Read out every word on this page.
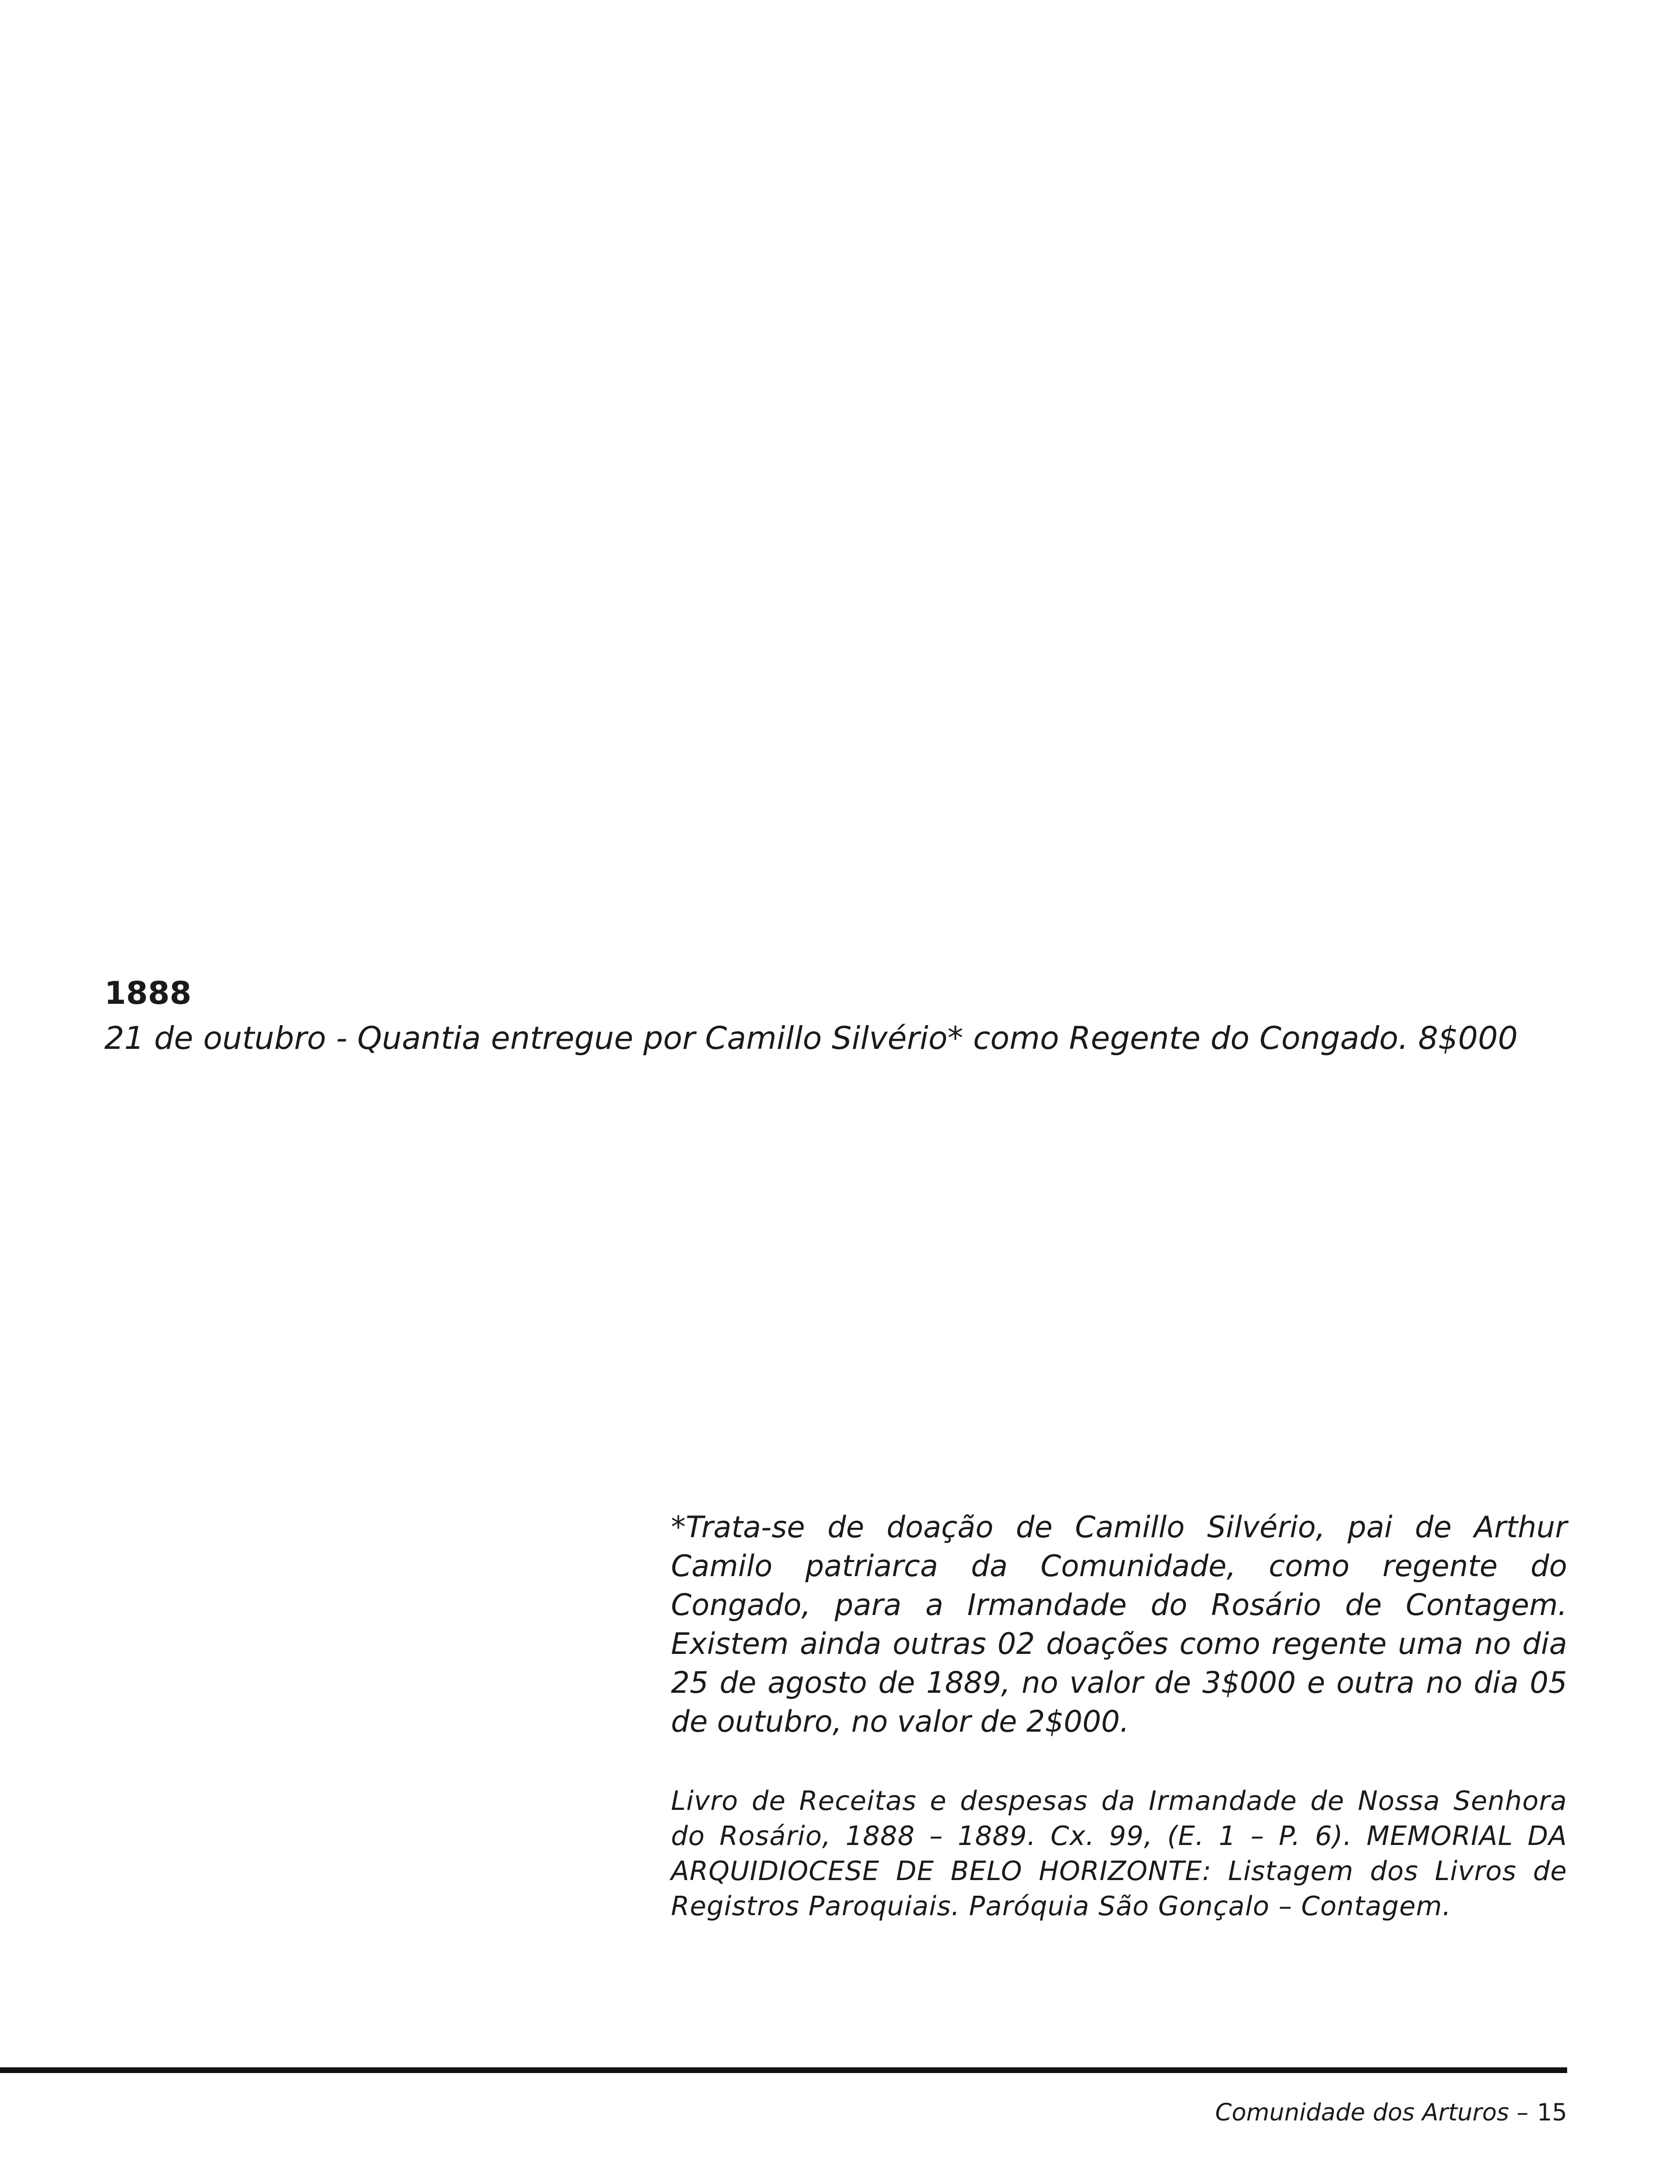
1888

21 de outubro - Quantia entregue por Camillo Silvério* como Regente do Congado. 8$000

*Trata-se de doação de Camillo Silvério, pai de Arthur Camilo patriarca da Comunidade, como regente do Congado, para a Irmandade do Rosário de Contagem. Existem ainda outras 02 doações como regente uma no dia 25 de agosto de 1889, no valor de 3$000 e outra no dia 05 de outubro, no valor de 2$000.

Livro de Receitas e despesas da Irmandade de Nossa Senhora do Rosário, 1888 – 1889. Cx. 99, (E. 1 – P. 6). MEMORIAL DA ARQUIDIOCESE DE BELO HORIZONTE: Listagem dos Livros de Registros Paroquiais. Paróquia São Gonçalo – Contagem.

Comunidade dos Arturos – 15
